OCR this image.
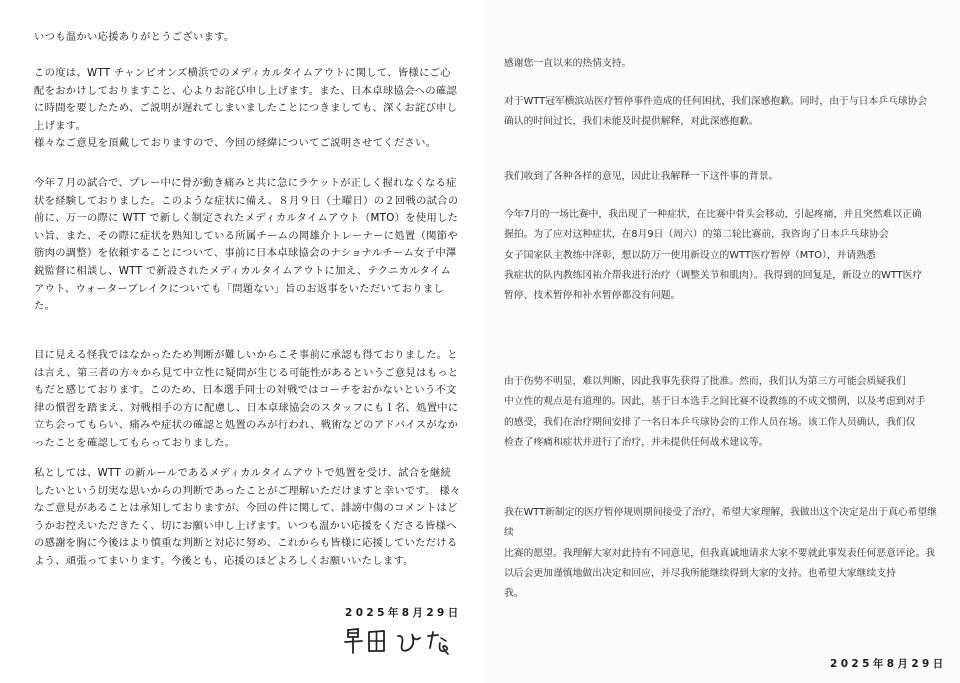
いつも温かい応援ありがとうございます。

この度は、WTT チャンピオンズ横浜でのメディカルタイムアウトに関して、皆様にご心
配をおかけしておりますこと、心よりお詫び申し上げます。また、日本卓球協会への確認
に時間を要したため、ご説明が遅れてしまいましたことにつきましても、深くお詫び申し
上げます。
様々なご意見を頂戴しておりますので、今回の経緯についてご説明させてください。

今年７月の試合で、プレー中に骨が動き痛みと共に急にラケットが正しく握れなくなる症
状を経験しておりました。このような症状に備え、８月９日（土曜日）の２回戦の試合の
前に、万一の際に WTT で新しく制定されたメディカルタイムアウト（MTO）を使用した
い旨、また、その際に症状を熟知している所属チームの岡雄介トレーナーに処置（関節や
筋肉の調整）を依頼することについて、事前に日本卓球協会のナショナルチーム女子中澤
鋭監督に相談し、WTT で新設されたメディカルタイムアウトに加え、テクニカルタイム
アウト、ウォーターブレイクについても「問題ない」旨のお返事をいただいておりまし
た。

目に見える怪我ではなかったため判断が難しいからこそ事前に承認も得ておりました。と
は言え、第三者の方々から見て中立性に疑問が生じる可能性があるというご意見はもっと
もだと感じております。このため、日本選手同士の対戦ではコーチをおかないという不文
律の慣習を踏まえ、対戦相手の方に配慮し、日本卓球協会のスタッフにも１名、処置中に
立ち会ってもらい、痛みや症状の確認と処置のみが行われ、戦術などのアドバイスがなか
ったことを確認してもらっておりました。

私としては、WTT の新ルールであるメディカルタイムアウトで処置を受け、試合を継続
したいという切実な思いからの判断であったことがご理解いただけますと幸いです。 様々
なご意見があることは承知しておりますが、今回の件に関して、誹謗中傷のコメントはど
うかお控えいただきたく、切にお願い申し上げます。いつも温かい応援をくださる皆様へ
の感謝を胸に今後はより慎重な判断と対応に努め、これからも皆様に応援していただける
よう、頑張ってまいります。今後とも、応援のほどよろしくお願いいたします。

2025年8月29日

感谢您一直以来的热情支持。

对于WTT冠军横滨站医疗暂停事件造成的任何困扰，我们深感抱歉。同时，由于与日本乒乓球协会
确认的时间过长，我们未能及时提供解释，对此深感抱歉。

我们收到了各种各样的意见，因此让我解释一下这件事的背景。

今年7月的一场比赛中，我出现了一种症状，在比赛中骨头会移动，引起疼痛，并且突然难以正确
握拍。为了应对这种症状，在8月9日（周六）的第二轮比赛前，我咨询了日本乒乓球协会
女子国家队主教练中泽彰，想以防万一使用新设立的WTT医疗暂停（MTO），并请熟悉
我症状的队内教练冈祐介帮我进行治疗（调整关节和肌肉）。我得到的回复是，新设立的WTT医疗
暂停、技术暂停和补水暂停都没有问题。

由于伤势不明显，难以判断，因此我事先获得了批准。然而，我们认为第三方可能会质疑我们
中立性的观点是有道理的。因此，基于日本选手之间比赛不设教练的不成文惯例，以及考虑到对手
的感受，我们在治疗期间安排了一名日本乒乓球协会的工作人员在场。该工作人员确认，我们仅
检查了疼痛和症状并进行了治疗，并未提供任何战术建议等。

我在WTT新制定的医疗暂停规则期间接受了治疗，希望大家理解，我做出这个决定是出于真心希望继续
比赛的愿望。我理解大家对此持有不同意见，但我真诚地请求大家不要就此事发表任何恶意评论。我
以后会更加谨慎地做出决定和回应，并尽我所能继续得到大家的支持。也希望大家继续支持
我。

2025年8月29日
